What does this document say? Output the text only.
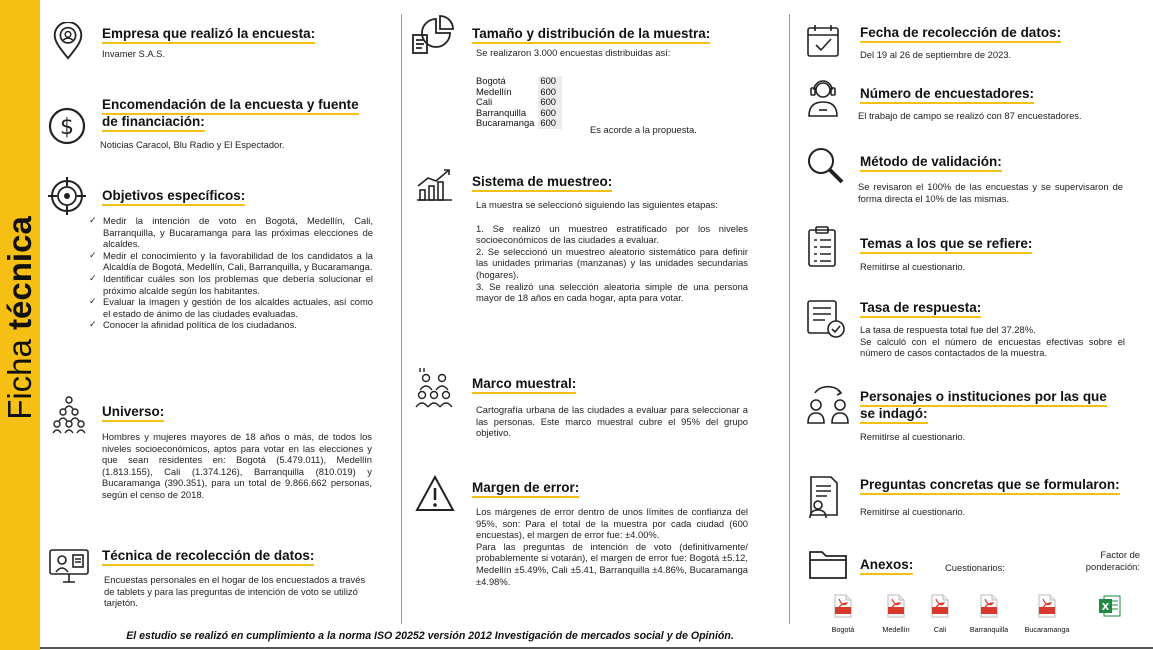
Ficha técnica
Empresa que realizó la encuesta:
Invamer S.A.S.
$
Encomendación de la encuesta y fuente
de financiación:
Noticias Caracol, Blu Radio y El Espectador.
Objetivos específicos:
✓ Medir la intención de voto en Bogotá, Medellín, Cali, Barranquilla, y Bucaramanga para las próximas elecciones de alcaldes.
✓ Medir el conocimiento y la favorabilidad de los candidatos a la Alcaldía de Bogotá, Medellín, Cali, Barranquilla, y Bucaramanga.
✓ Identificar cuáles son los problemas que debería solucionar el próximo alcalde según los habitantes.
✓ Evaluar la imagen y gestión de los alcaldes actuales, así como el estado de ánimo de las ciudades evaluadas.
✓ Conocer la afinidad política de los ciudadanos.
Universo:
Hombres y mujeres mayores de 18 años o más, de todos los niveles socioeconómicos, aptos para votar en las elecciones y que sean residentes en: Bogotá (5.479.011), Medellín (1.813.155), Cali (1.374.126), Barranquilla (810.019) y Bucaramanga (390.351), para un total de 9.866.662 personas, según el censo de 2018.
Técnica de recolección de datos:
Encuestas personales en el hogar de los encuestados a través de tablets y para las preguntas de intención de voto se utilizó tarjetón.
Tamaño y distribución de la muestra:
Se realizaron 3.000 encuestas distribuidas así:
Bogotá	600
Medellín	600
Cali	600
Barranquilla	600
Bucaramanga	600
Es acorde a la propuesta.
Sistema de muestreo:
La muestra se seleccionó siguiendo las siguientes etapas:
1. Se realizó un muestreo estratificado por los niveles socioeconómicos de las ciudades a evaluar.
2. Se seleccionó un muestreo aleatorio sistemático para definir las unidades primarias (manzanas) y las unidades secundarias (hogares).
3. Se realizó una selección aleatoria simple de una persona mayor de 18 años en cada hogar, apta para votar.
Marco muestral:
Cartografía urbana de las ciudades a evaluar para seleccionar a las personas. Este marco muestral cubre el 95% del grupo objetivo.
Margen de error:
Los márgenes de error dentro de unos límites de confianza del 95%, son: Para el total de la muestra por cada ciudad (600 encuestas), el margen de error fue: ±4.00%.
Para las preguntas de intención de voto (definitivamente/ probablemente si votarán), el margen de error fue: Bogotá ±5.12, Medellín ±5.49%, Cali ±5.41, Barranquilla ±4.86%, Bucaramanga ±4.98%.
Fecha de recolección de datos:
Del 19 al 26 de septiembre de 2023.
Número de encuestadores:
El trabajo de campo se realizó con 87 encuestadores.
Método de validación:
Se revisaron el 100% de las encuestas y se supervisaron de forma directa el 10% de las mismas.
Temas a los que se refiere:
Remitirse al cuestionario.
Tasa de respuesta:
La tasa de respuesta total fue del 37.28%.
Se calculó con el número de encuestas efectivas sobre el número de casos contactados de la muestra.
Personajes o instituciones por las que
se indagó:
Remitirse al cuestionario.
Preguntas concretas que se formularon:
Remitirse al cuestionario.
Anexos:	Cuestionarios:
Factor de
ponderación:
X
Bogotá	Medellín	Cali	Barranquilla	Bucaramanga
El estudio se realizó en cumplimiento a la norma ISO 20252 versión 2012 Investigación de mercados social y de Opinión.
